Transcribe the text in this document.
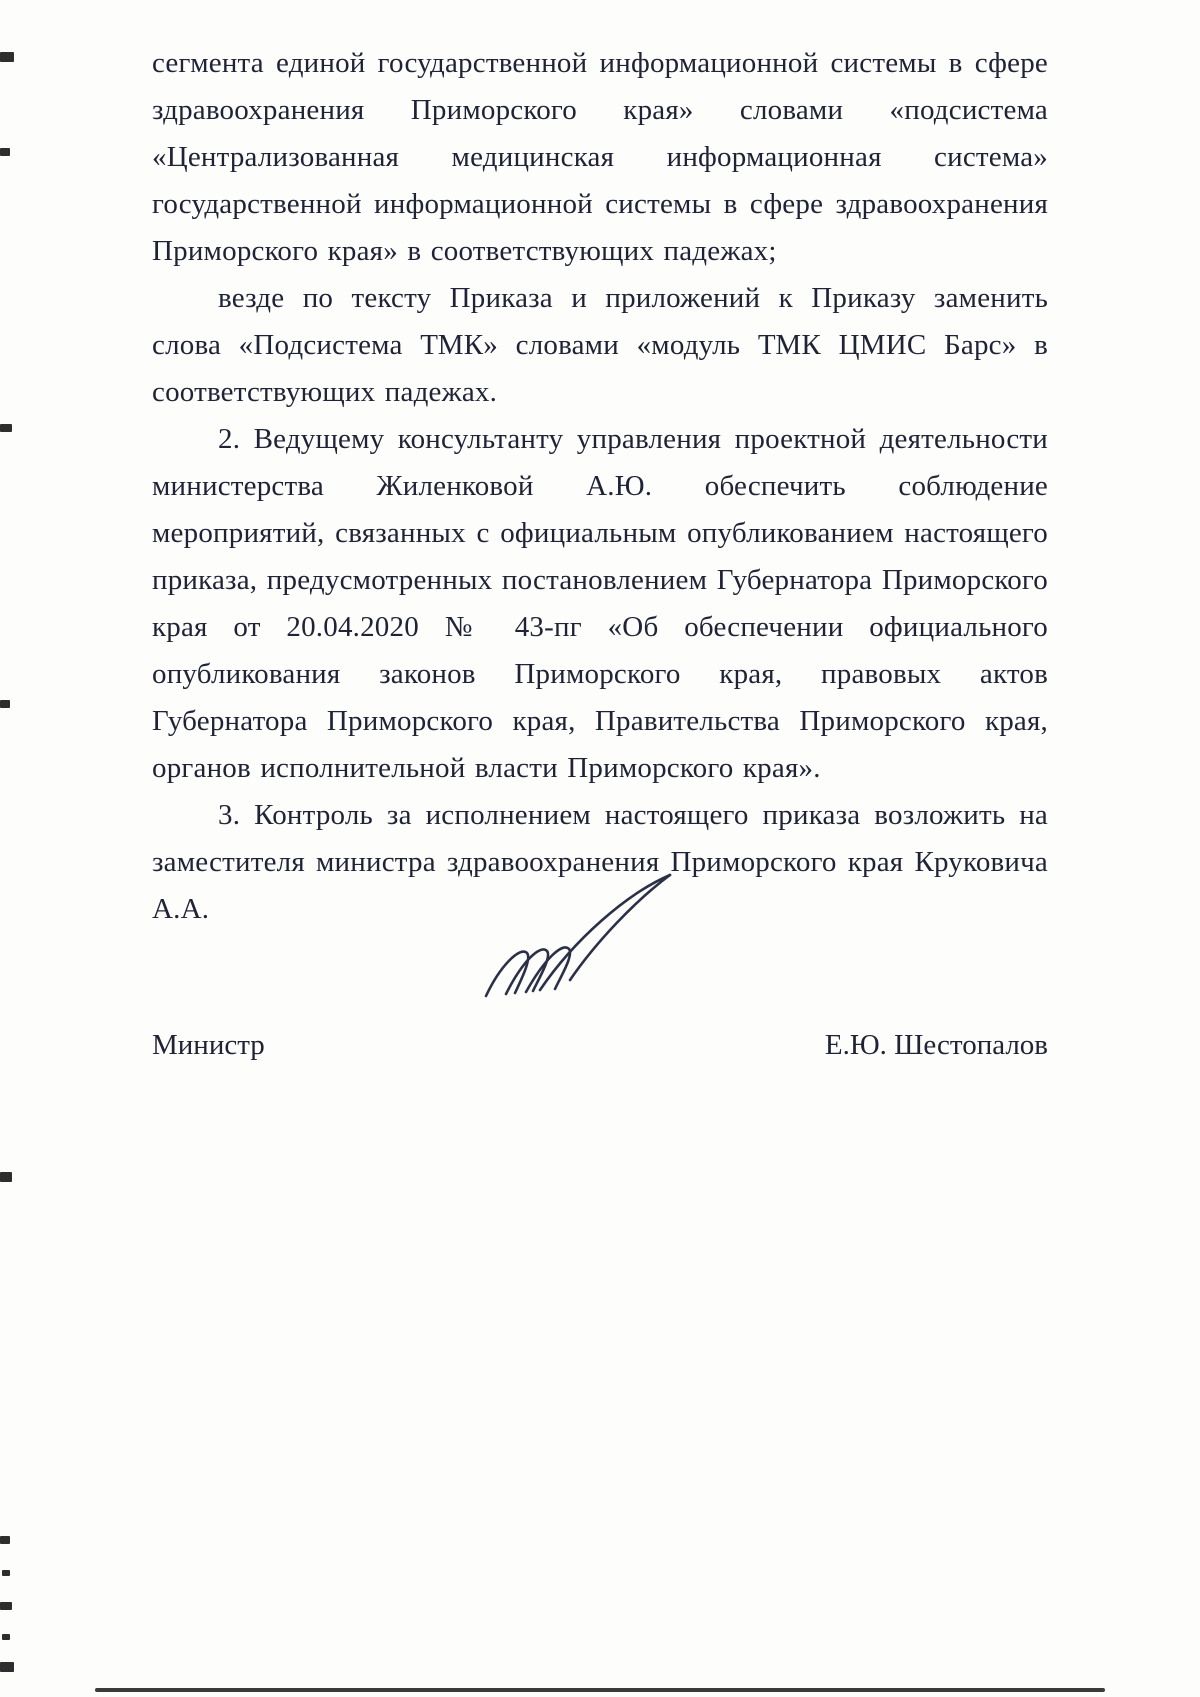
сегмента единой государственной информационной системы в сфере здравоохранения Приморского края» словами «подсистема «Централизованная медицинская информационная система» государственной информационной системы в сфере здравоохранения Приморского края» в соответствующих падежах;

везде по тексту Приказа и приложений к Приказу заменить слова «Подсистема ТМК» словами «модуль ТМК ЦМИС Барс» в соответствующих падежах.

2. Ведущему консультанту управления проектной деятельности министерства Жиленковой А.Ю. обеспечить соблюдение мероприятий, связанных с официальным опубликованием настоящего приказа, предусмотренных постановлением Губернатора Приморского края от 20.04.2020 № 43-пг «Об обеспечении официального опубликования законов Приморского края, правовых актов Губернатора Приморского края, Правительства Приморского края, органов исполнительной власти Приморского края».

3. Контроль за исполнением настоящего приказа возложить на заместителя министра здравоохранения Приморского края Круковича А.А.

Министр	Е.Ю. Шестопалов
